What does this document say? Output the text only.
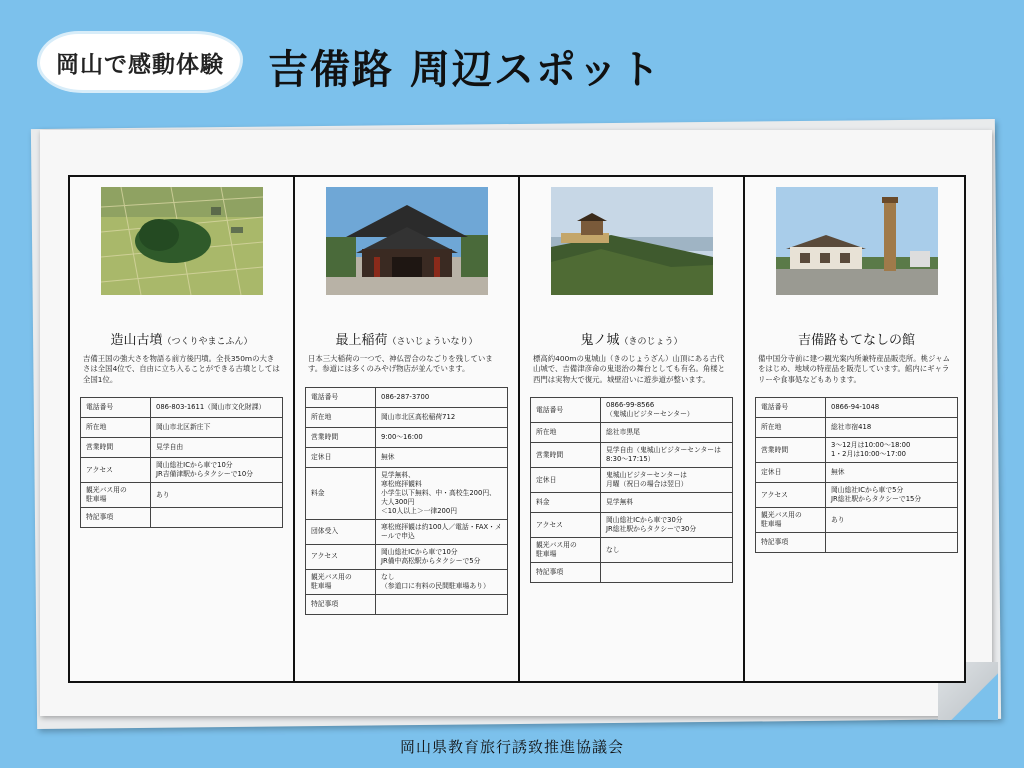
岡山で感動体験	吉備路 周辺スポット
造山古墳（つくりやまこふん）
吉備王国の強大さを物語る前方後円墳。全長350mの大きさは全国4位で、自由に立ち入ることができる古墳としては全国1位。
電話番号	086-803-1611（岡山市文化財課）
所在地	岡山市北区新庄下
営業時間	見学自由
アクセス	岡山総社ICから車で10分
JR吉備津駅からタクシーで10分
観光バス用の
駐車場	あり
特記事項	
最上稲荷（さいじょういなり）
日本三大稲荷の一つで、神仏習合のなごりを残しています。参道には多くのみやげ物店が並んでいます。
電話番号	086-287-3700
所在地	岡山市北区高松稲荷712
営業時間	9:00～16:00
定休日	無休
料金	見学無料、
寒松庭拝観料
小学生以下無料、中・高校生200円、大人300円
＜10人以上＞一律200円
団体受入	寒松庭拝観は約100人／電話・FAX・メールで申込
アクセス	岡山総社ICから車で10分
JR備中高松駅からタクシーで5分
観光バス用の
駐車場	なし
（参道口に有料の民間駐車場あり）
特記事項	
鬼ノ城（きのじょう）
標高約400mの鬼城山（きのじょうざん）山頂にある古代山城で、吉備津彦命の鬼退治の舞台としても有名。角楼と西門は実物大で復元。城壁沿いに遊歩道が整います。
電話番号	0866-99-8566
（鬼城山ビジターセンター）
所在地	総社市黒尾
営業時間	見学自由（鬼城山ビジターセンターは8:30～17:15）
定休日	鬼城山ビジターセンターは
月曜（祝日の場合は翌日）
料金	見学無料
アクセス	岡山総社ICから車で30分
JR総社駅からタクシーで30分
観光バス用の
駐車場	なし
特記事項	
吉備路もてなしの館
備中国分寺前に建つ観光案内所兼特産品販売所。桃ジャムをはじめ、地域の特産品を販売しています。館内にギャラリーや食事処などもあります。
電話番号	0866-94-1048
所在地	総社市宿418
営業時間	3～12月は10:00～18:00
1・2月は10:00～17:00
定休日	無休
アクセス	岡山総社ICから車で5分
JR総社駅からタクシーで15分
観光バス用の
駐車場	あり
特記事項	
岡山県教育旅行誘致推進協議会
